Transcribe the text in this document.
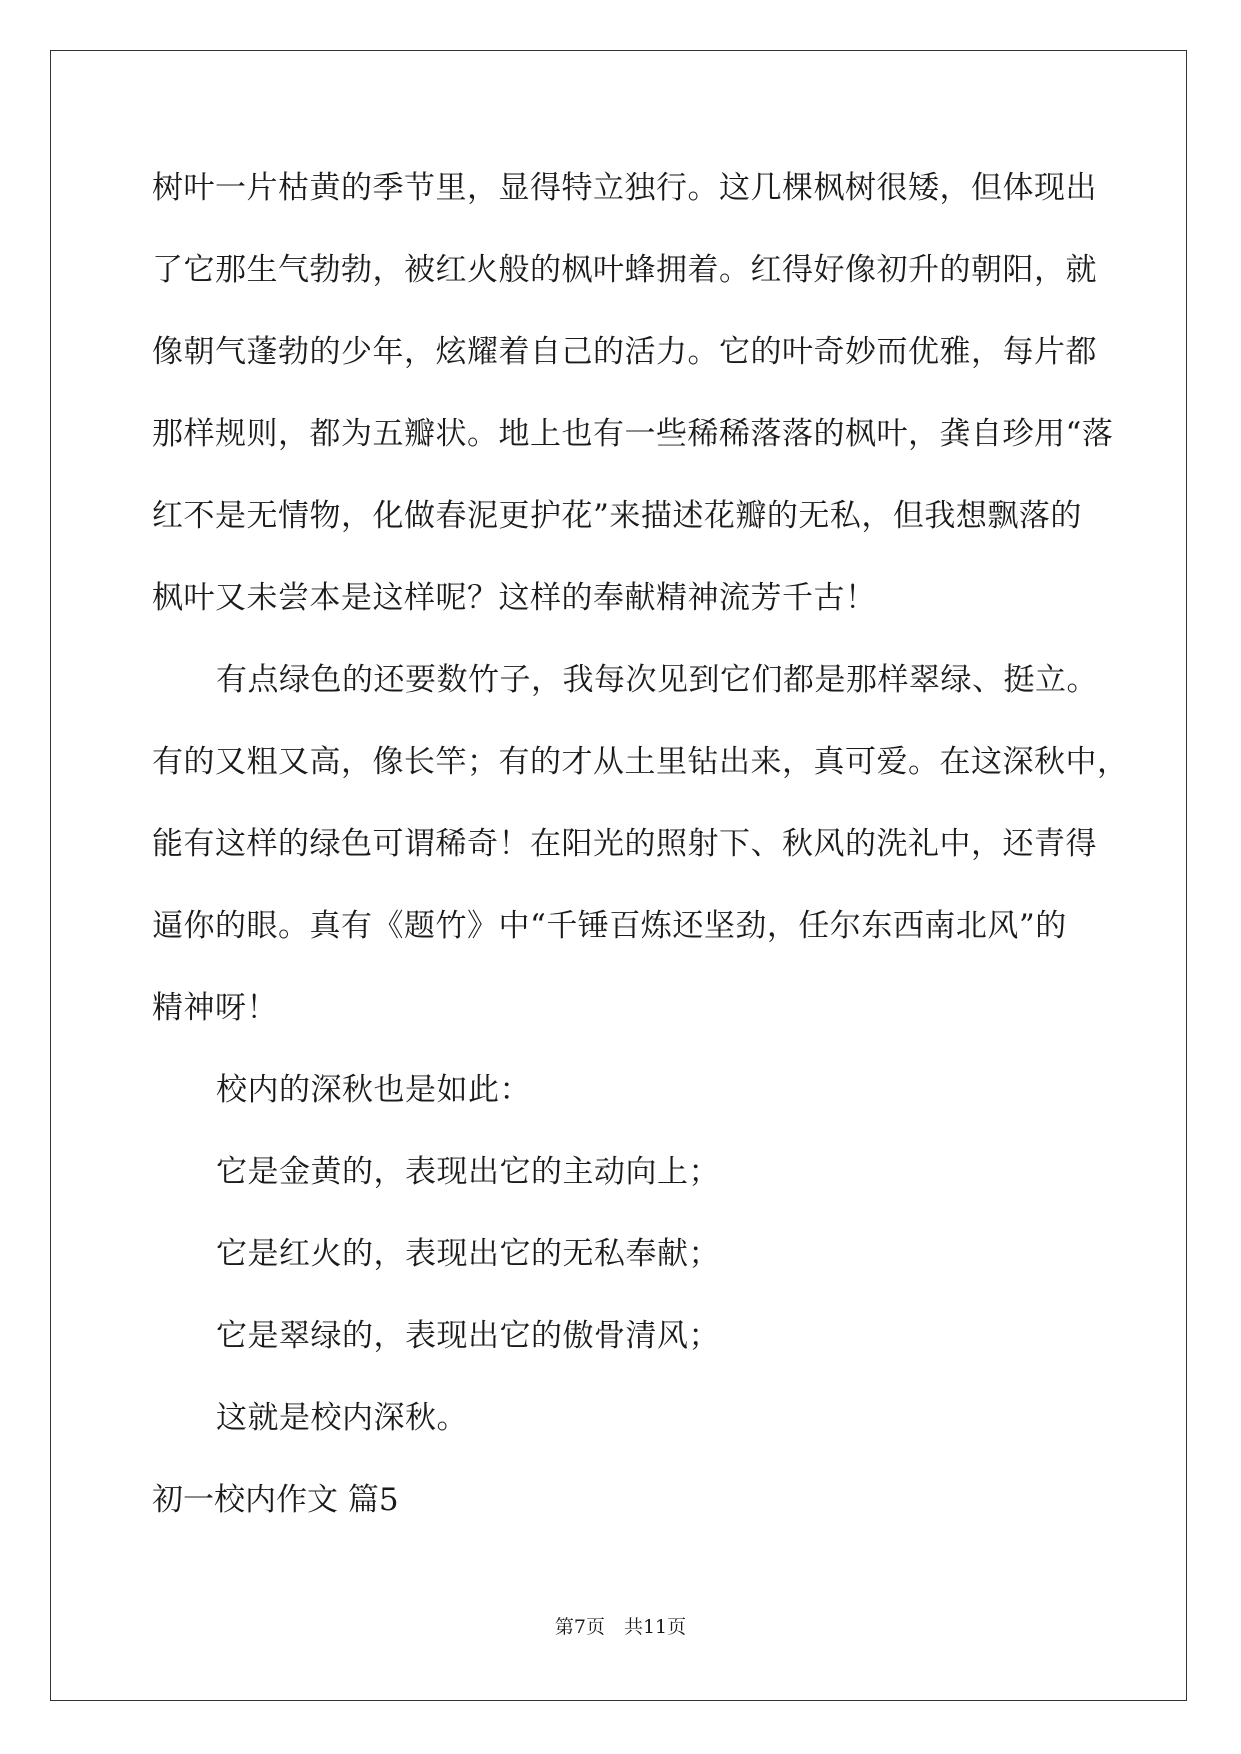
树叶一片枯黄的季节里，显得特立独行。这几棵枫树很矮，但体现出
了它那生气勃勃，被红火般的枫叶蜂拥着。红得好像初升的朝阳，就
像朝气蓬勃的少年，炫耀着自己的活力。它的叶奇妙而优雅，每片都
那样规则，都为五瓣状。地上也有一些稀稀落落的枫叶，龚自珍用“落
红不是无情物，化做春泥更护花”来描述花瓣的无私，但我想飘落的
枫叶又未尝本是这样呢？这样的奉献精神流芳千古！
有点绿色的还要数竹子，我每次见到它们都是那样翠绿、挺立。
有的又粗又高，像长竿；有的才从土里钻出来，真可爱。在这深秋中，
能有这样的绿色可谓稀奇！在阳光的照射下、秋风的洗礼中，还青得
逼你的眼。真有《题竹》中“千锤百炼还坚劲，任尔东西南北风”的
精神呀！
校内的深秋也是如此：
它是金黄的，表现出它的主动向上；
它是红火的，表现出它的无私奉献；
它是翠绿的，表现出它的傲骨清风；
这就是校内深秋。
初一校内作文 篇5
第7页　共11页
